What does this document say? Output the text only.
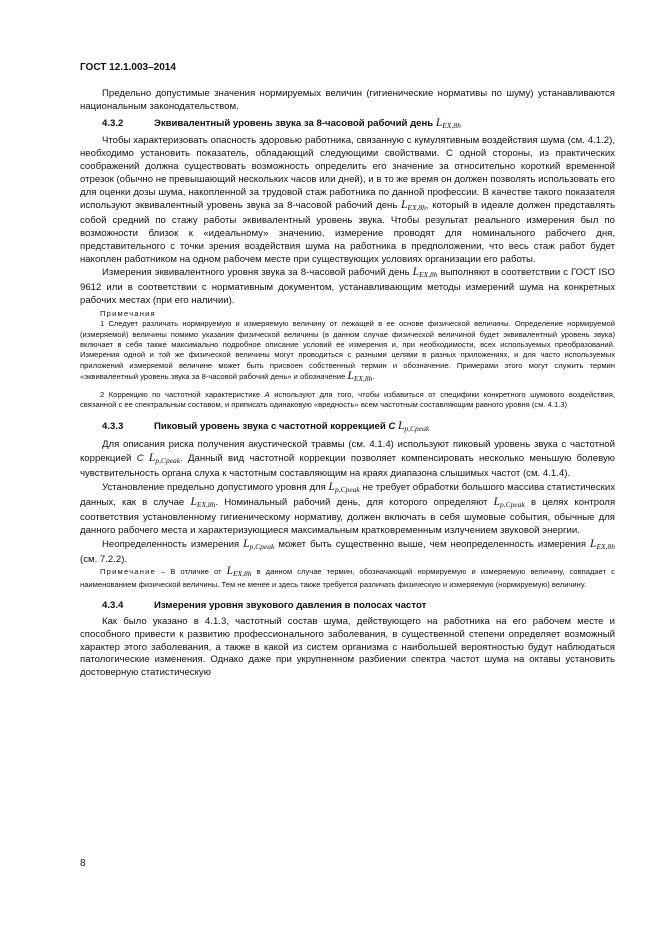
ГОСТ 12.1.003–2014

Предельно допустимые значения нормируемых величин (гигиенические нормативы по шуму) устанавливаются национальным законодательством.

4.3.2	Эквивалентный уровень звука за 8-часовой рабочий день $L_{EX,8h}$

Чтобы характеризовать опасность здоровью работника, связанную с кумулятивным воздействия шума (см. 4.1.2), необходимо установить показатель, обладающий следующими свойствами. С одной стороны, из практических соображений должна существовать возможность определить его значение за относительно короткий временной отрезок (обычно не превышающий нескольких часов или дней), и в то же время он должен позволять использовать его для оценки дозы шума, накопленной за трудовой стаж работника по данной профессии. В качестве такого показателя используют эквивалентный уровень звука за 8-часовой рабочий день $L_{EX,8h}$, который в идеале должен представлять собой средний по стажу работы эквивалентный уровень звука. Чтобы результат реального измерения был по возможности близок к «идеальному» значению, измерение проводят для номинального рабочего дня, представительного с точки зрения воздействия шума на работника в предположении, что весь стаж работ будет накоплен работником на одном рабочем месте при существующих условиях организации его работы.

Измерения эквивалентного уровня звука за 8-часовой рабочий день $L_{EX,8h}$ выполняют в соответствии с ГОСТ ISO 9612 или в соответствии с нормативным документом, устанавливающим методы измерений шума на конкретных рабочих местах (при его наличии).

Примечания

1 Следует различать нормируемую и измеряемую величину от лежащей в ее основе физической величины. Определение нормируемой (измеряемой) величины помимо указания физической величины (в данном случае физической величиной будет эквивалентный уровень звука) включает в себя также максимально подробное описание условий ее измерения и, при необходимости, всех используемых преобразований. Измерения одной и той же физической величины могут проводиться с разными целями в разных приложениях, и для часто используемых приложений измеряемой величине может быть присвоен собственный термин и обозначение. Примерами этого могут служить термин «эквивалентный уровень звука за 8-часовой рабочий день» и обозначение $L_{EX,8h}$.

2 Коррекцию по частотной характеристике А используют для того, чтобы избавиться от специфики конкретного шумового воздействия, связанной с ее спектральным составом, и приписать одинаковую «вредность» всем частотным составляющим равного уровня (см. 4.1.3)

4.3.3	Пиковый уровень звука с частотной коррекцией C $L_{p,Cpeak}$

Для описания риска получения акустической травмы (см. 4.1.4) используют пиковый уровень звука с частотной коррекцией C $L_{p,Cpeak}$. Данный вид частотной коррекции позволяет компенсировать несколько меньшую болевую чувствительность органа слуха к частотным составляющим на краях диапазона слышимых частот (см. 4.1.4).

Установление предельно допустимого уровня для $L_{p,Cpeak}$ не требует обработки большого массива статистических данных, как в случае $L_{EX,8h}$. Номинальный рабочий день, для которого определяют $L_{p,Cpeak}$ в целях контроля соответствия установленному гигиеническому нормативу, должен включать в себя шумовые события, обычные для данного рабочего места и характеризующиеся максимальным кратковременным излучением звуковой энергии.

Неопределенность измерения $L_{p,Cpeak}$ может быть существенно выше, чем неопределенность измерения $L_{EX,8h}$ (см. 7.2.2).

Примечание – В отличие от $L_{EX,8h}$ в данном случае термин, обозначающий нормируемую и измеряемую величину, совпадает с наименованием физической величины. Тем не менее и здесь также требуется различать физическую и измеряемую (нормируемую) величину.

4.3.4	Измерения уровня звукового давления в полосах частот

Как было указано в 4.1.3, частотный состав шума, действующего на работника на его рабочем месте и способного привести к развитию профессионального заболевания, в существенной степени определяет возможный характер этого заболевания, а также в какой из систем организма с наибольшей вероятностью будут наблюдаться патологические изменения. Однако даже при укрупненном разбиении спектра частот шума на октавы установить достоверную статистическую

8
